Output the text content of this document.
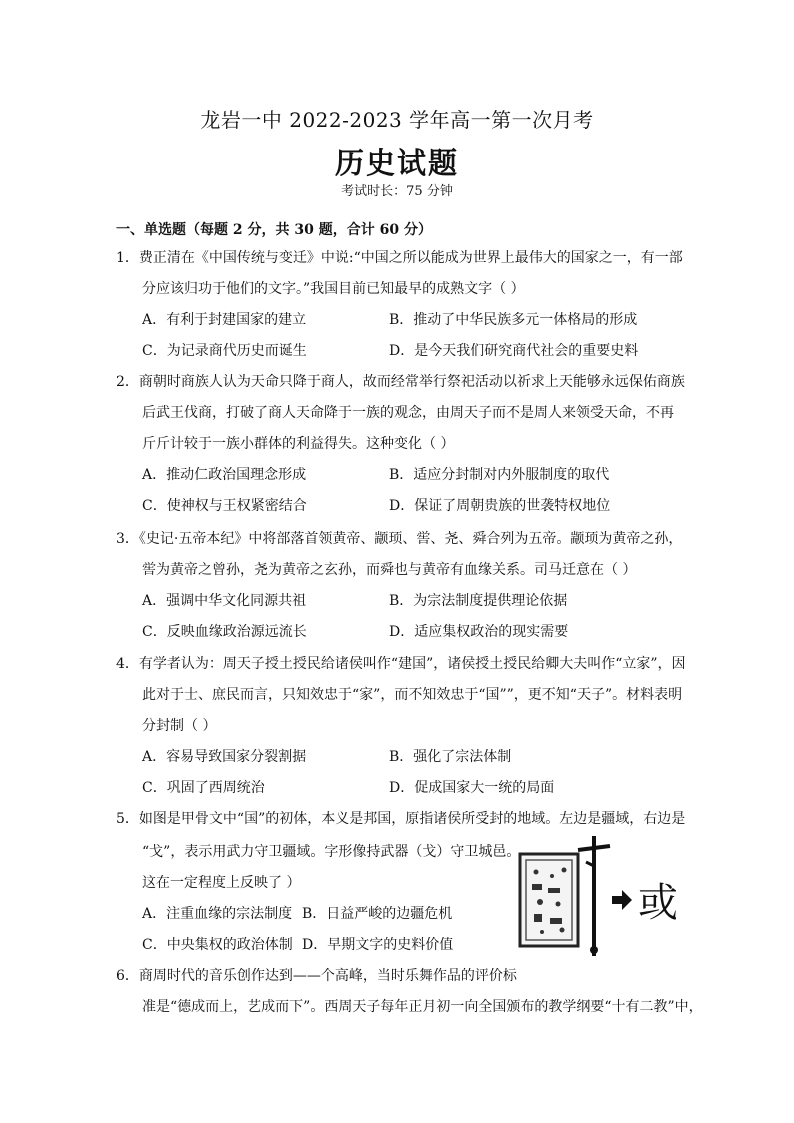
龙岩一中 2022-2023 学年高一第一次月考
历史试题
考试时长：75 分钟
一、单选题（每题 2 分，共 30 题，合计 60 分）
1．费正清在《中国传统与变迁》中说:“中国之所以能成为世界上最伟大的国家之一，有一部
分应该归功于他们的文字。”我国目前已知最早的成熟文字（ ）
A．有利于封建国家的建立	B．推动了中华民族多元一体格局的形成
C．为记录商代历史而诞生	D．是今天我们研究商代社会的重要史料
2．商朝时商族人认为天命只降于商人，故而经常举行祭祀活动以祈求上天能够永远保佑商族
后武王伐商，打破了商人天命降于一族的观念，由周天子而不是周人来领受天命，不再
斤斤计较于一族小群体的利益得失。这种变化（ ）
A．推动仁政治国理念形成	B．适应分封制对内外服制度的取代
C．使神权与王权紧密结合	D．保证了周朝贵族的世袭特权地位
3．《史记·五帝本纪》中将部落首领黄帝、颛顼、喾、尧、舜合列为五帝。颛顼为黄帝之孙，
喾为黄帝之曾孙，尧为黄帝之玄孙，而舜也与黄帝有血缘关系。司马迁意在（ ）
A．强调中华文化同源共祖	B．为宗法制度提供理论依据
C．反映血缘政治源远流长	D．适应集权政治的现实需要
4．有学者认为：周天子授土授民给诸侯叫作“建国”，诸侯授土授民给卿大夫叫作“立家”，因
此对于士、庶民而言，只知效忠于“家”，而不知效忠于“国””，更不知“天子”。材料表明
分封制（ ）
A．容易导致国家分裂割据	B．强化了宗法体制
C．巩固了西周统治	D．促成国家大一统的局面
5．如图是甲骨文中“国”的初体，本义是邦国，原指诸侯所受封的地域。左边是疆域，右边是
“戈”，表示用武力守卫疆域。字形像持武器（戈）守卫城邑。
这在一定程度上反映了 ）
A．注重血缘的宗法制度 B．日益严峻的边疆危机
C．中央集权的政治体制 D．早期文字的史料价值
或
6．商周时代的音乐创作达到——个高峰，当时乐舞作品的评价标
准是“德成而上，艺成而下”。西周天子每年正月初一向全国颁布的教学纲要“十有二教”中，
